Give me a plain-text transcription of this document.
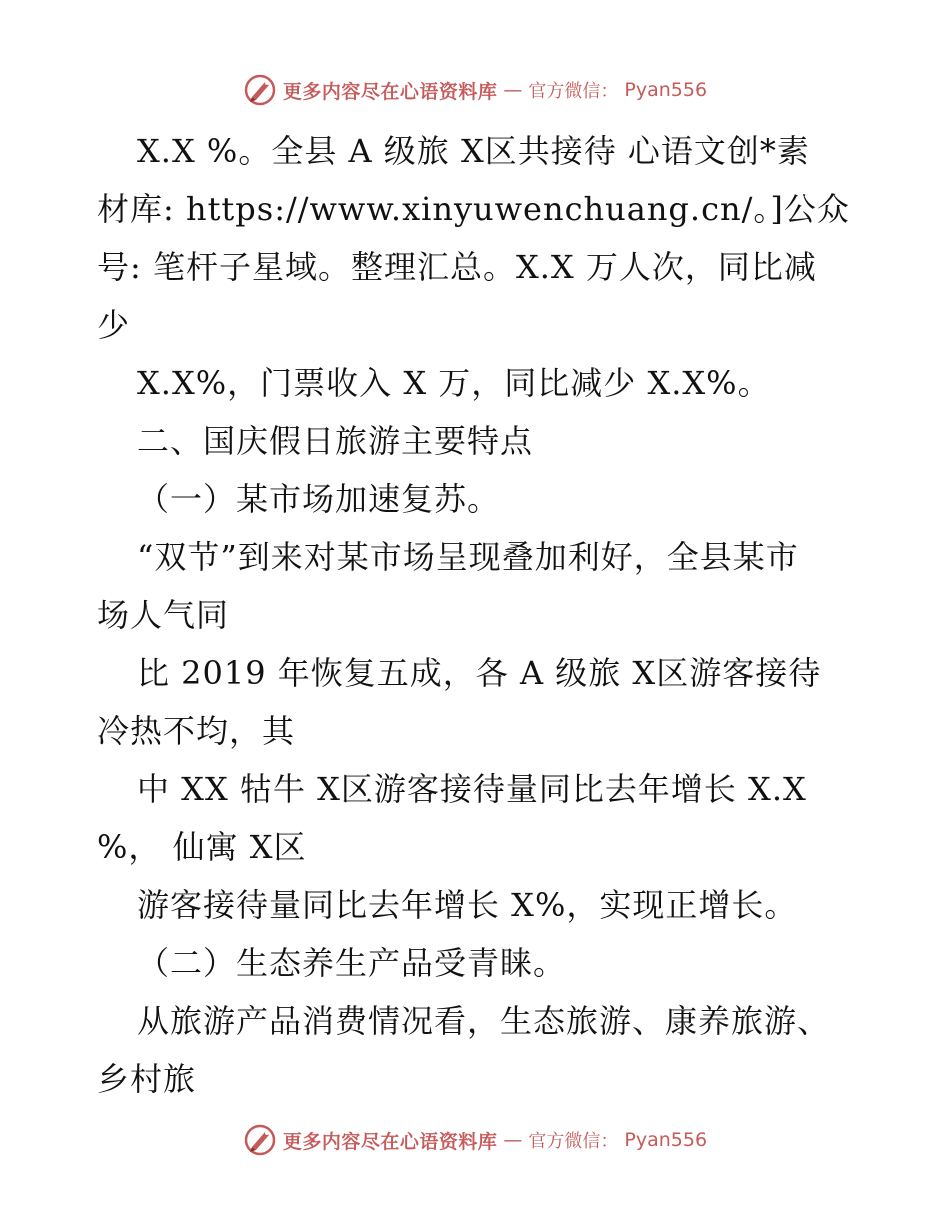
更多内容尽在心语资料库 — 官方微信： Pyan556
X.X %。全县 A 级旅 X区共接待 心语文创*素
材库: https://www.xinyuwenchuang.cn/。]公众
号: 笔杆子星域。整理汇总。X.X 万人次，同比减
少
X.X%，门票收入 X 万，同比减少 X.X%。
二、国庆假日旅游主要特点
（一）某市场加速复苏。
“双节”到来对某市场呈现叠加利好，全县某市
场人气同
比 2019 年恢复五成，各 A 级旅 X区游客接待
冷热不均，其
中 XX 牯牛 X区游客接待量同比去年增长 X.X
%， 仙寓 X区
游客接待量同比去年增长 X%，实现正增长。
（二）生态养生产品受青睐。
从旅游产品消费情况看，生态旅游、康养旅游、
乡村旅
更多内容尽在心语资料库 — 官方微信： Pyan556
